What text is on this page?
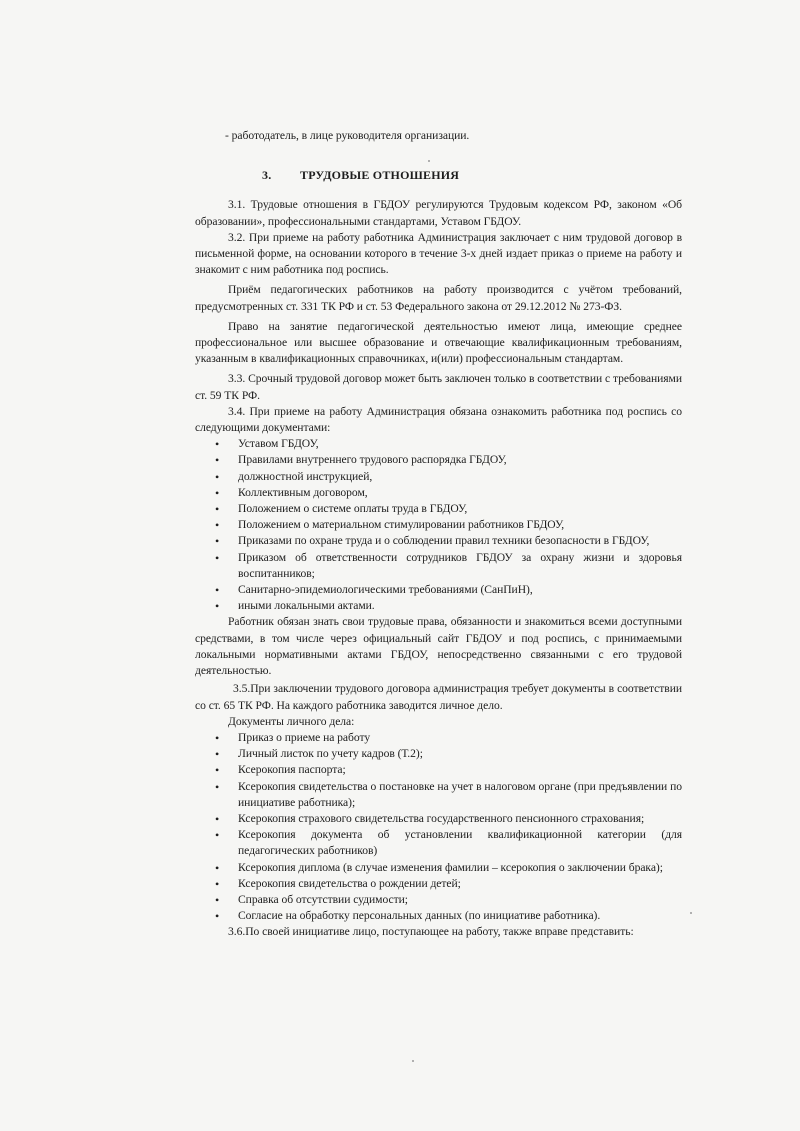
- работодатель, в лице руководителя организации.

3. ТРУДОВЫЕ ОТНОШЕНИЯ

3.1. Трудовые отношения в ГБДОУ регулируются Трудовым кодексом РФ, законом «Об образовании», профессиональными стандартами, Уставом ГБДОУ.

3.2. При приеме на работу работника Администрация заключает с ним трудовой договор в письменной форме, на основании которого в течение 3-х дней издает приказ о приеме на работу и знакомит с ним работника под роспись.

Приём педагогических работников на работу производится с учётом требований, предусмотренных ст. 331 ТК РФ и ст. 53 Федерального закона от 29.12.2012 № 273-ФЗ.

Право на занятие педагогической деятельностью имеют лица, имеющие среднее профессиональное или высшее образование и отвечающие квалификационным требованиям, указанным в квалификационных справочниках, и(или) профессиональным стандартам.

3.3. Срочный трудовой договор может быть заключен только в соответствии с требованиями ст. 59 ТК РФ.

3.4. При приеме на работу Администрация обязана ознакомить работника под роспись со следующими документами:

• Уставом ГБДОУ,
• Правилами внутреннего трудового распорядка ГБДОУ,
• должностной инструкцией,
• Коллективным договором,
• Положением о системе оплаты труда в ГБДОУ,
• Положением о материальном стимулировании работников ГБДОУ,
• Приказами по охране труда и о соблюдении правил техники безопасности в ГБДОУ,
• Приказом об ответственности сотрудников ГБДОУ за охрану жизни и здоровья воспитанников;
• Санитарно-эпидемиологическими требованиями (СанПиН),
• иными локальными актами.

Работник обязан знать свои трудовые права, обязанности и знакомиться всеми доступными средствами, в том числе через официальный сайт ГБДОУ и под роспись, с принимаемыми локальными нормативными актами ГБДОУ, непосредственно связанными с его трудовой деятельностью.

3.5.При заключении трудового договора администрация требует документы в соответствии со ст. 65 ТК РФ. На каждого работника заводится личное дело.

Документы личного дела:

• Приказ о приеме на работу
• Личный листок по учету кадров (Т.2);
• Ксерокопия паспорта;
• Ксерокопия свидетельства о постановке на учет в налоговом органе (при предъявлении по инициативе работника);
• Ксерокопия страхового свидетельства государственного пенсионного страхования;
• Ксерокопия документа об установлении квалификационной категории (для педагогических работников)
• Ксерокопия диплома (в случае изменения фамилии – ксерокопия о заключении брака);
• Ксерокопия свидетельства о рождении детей;
• Справка об отсутствии судимости;
• Согласие на обработку персональных данных (по инициативе работника).

3.6.По своей инициативе лицо, поступающее на работу, также вправе представить:
